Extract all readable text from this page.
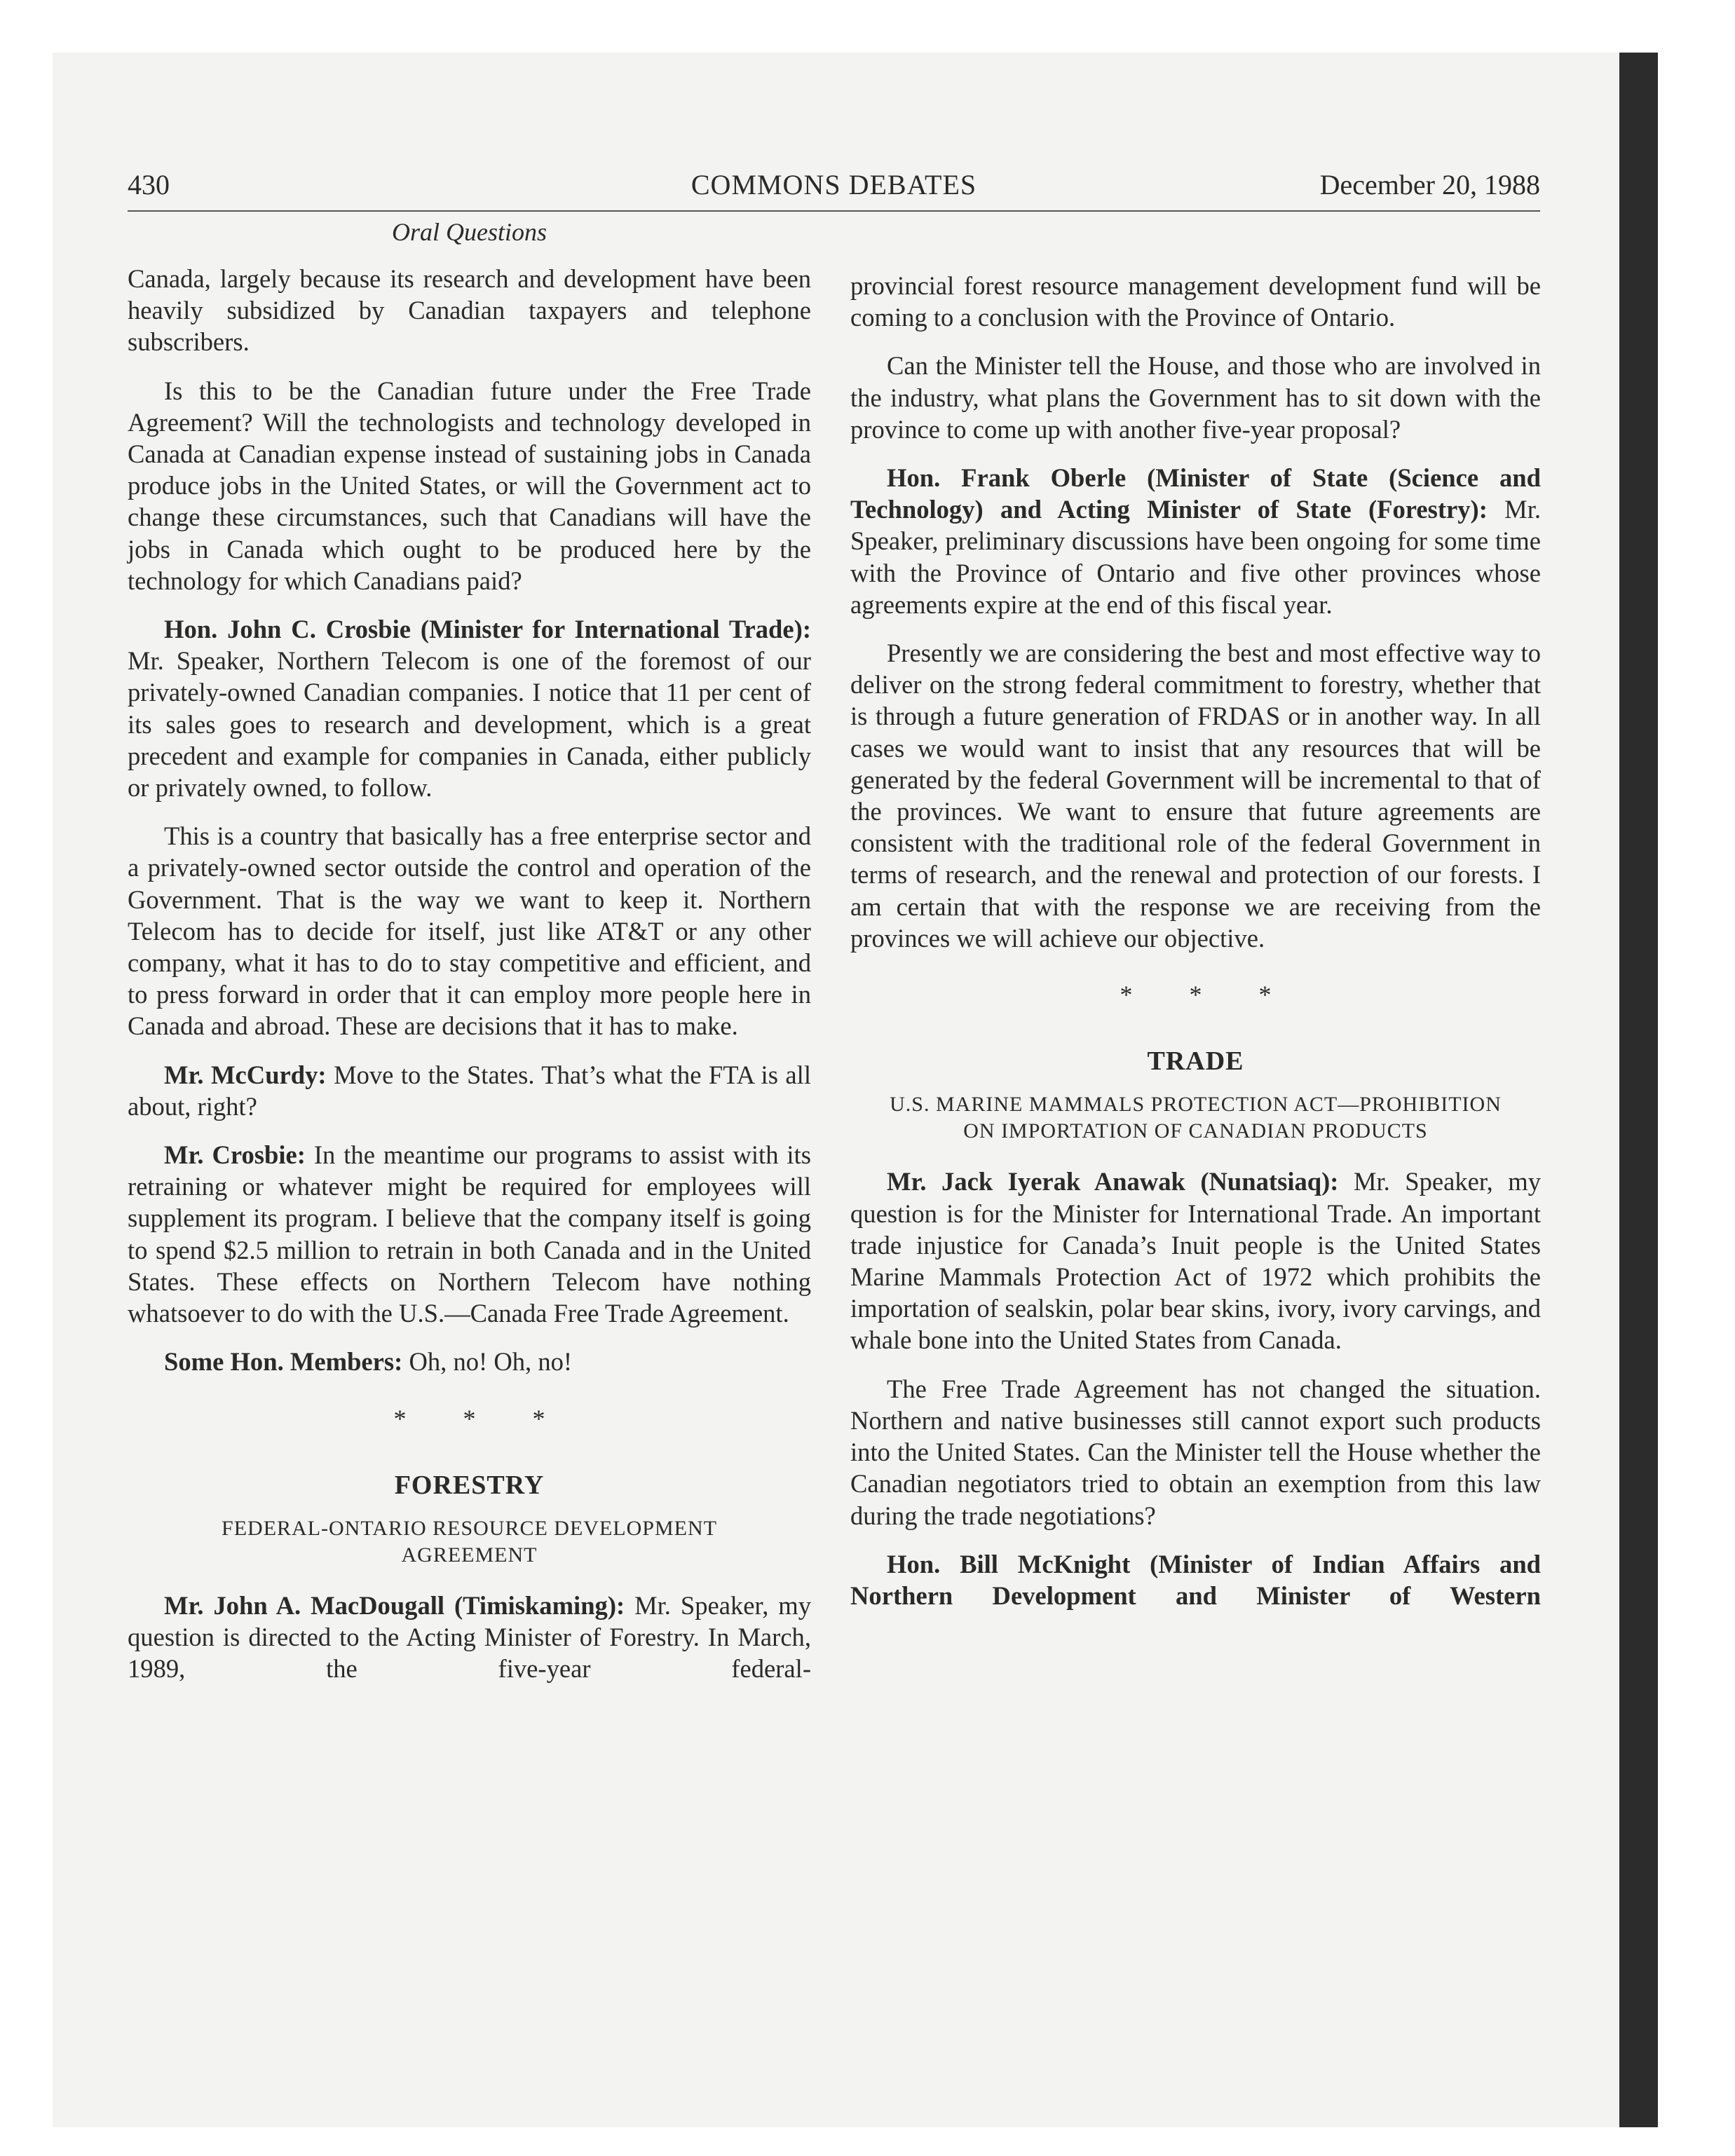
COMMONS DEBATES
430	December 20, 1988
Oral Questions

Canada, largely because its research and development have been heavily subsidized by Canadian taxpayers and telephone subscribers.

Is this to be the Canadian future under the Free Trade Agreement? Will the technologists and technology developed in Canada at Canadian expense instead of sustaining jobs in Canada produce jobs in the United States, or will the Government act to change these circumstances, such that Canadians will have the jobs in Canada which ought to be produced here by the technology for which Canadians paid?

Hon. John C. Crosbie (Minister for International Trade): Mr. Speaker, Northern Telecom is one of the foremost of our privately-owned Canadian companies. I notice that 11 per cent of its sales goes to research and development, which is a great precedent and example for companies in Canada, either publicly or privately owned, to follow.

This is a country that basically has a free enterprise sector and a privately-owned sector outside the control and operation of the Government. That is the way we want to keep it. Northern Telecom has to decide for itself, just like AT&T or any other company, what it has to do to stay competitive and efficient, and to press forward in order that it can employ more people here in Canada and abroad. These are decisions that it has to make.

Mr. McCurdy: Move to the States. That’s what the FTA is all about, right?

Mr. Crosbie: In the meantime our programs to assist with its retraining or whatever might be required for employees will supplement its program. I believe that the company itself is going to spend $2.5 million to retrain in both Canada and in the United States. These effects on Northern Telecom have nothing whatsoever to do with the U.S.—Canada Free Trade Agreement.

Some Hon. Members: Oh, no! Oh, no!

* * *
FORESTRY
FEDERAL-ONTARIO RESOURCE DEVELOPMENT AGREEMENT

Mr. John A. MacDougall (Timiskaming): Mr. Speaker, my question is directed to the Acting Minister of Forestry. In March, 1989, the five-year federal-

provincial forest resource management development fund will be coming to a conclusion with the Province of Ontario.

Can the Minister tell the House, and those who are involved in the industry, what plans the Government has to sit down with the province to come up with another five-year proposal?

Hon. Frank Oberle (Minister of State (Science and Technology) and Acting Minister of State (Forestry): Mr. Speaker, preliminary discussions have been ongoing for some time with the Province of Ontario and five other provinces whose agreements expire at the end of this fiscal year.

Presently we are considering the best and most effective way to deliver on the strong federal commitment to forestry, whether that is through a future generation of FRDAS or in another way. In all cases we would want to insist that any resources that will be generated by the federal Government will be incremental to that of the provinces. We want to ensure that future agreements are consistent with the traditional role of the federal Government in terms of research, and the renewal and protection of our forests. I am certain that with the response we are receiving from the provinces we will achieve our objective.

* * *
TRADE
U.S. MARINE MAMMALS PROTECTION ACT—PROHIBITION ON IMPORTATION OF CANADIAN PRODUCTS

Mr. Jack Iyerak Anawak (Nunatsiaq): Mr. Speaker, my question is for the Minister for International Trade. An important trade injustice for Canada’s Inuit people is the United States Marine Mammals Protection Act of 1972 which prohibits the importation of sealskin, polar bear skins, ivory, ivory carvings, and whale bone into the United States from Canada.

The Free Trade Agreement has not changed the situation. Northern and native businesses still cannot export such products into the United States. Can the Minister tell the House whether the Canadian negotiators tried to obtain an exemption from this law during the trade negotiations?

Hon. Bill McKnight (Minister of Indian Affairs and Northern Development and Minister of Western
